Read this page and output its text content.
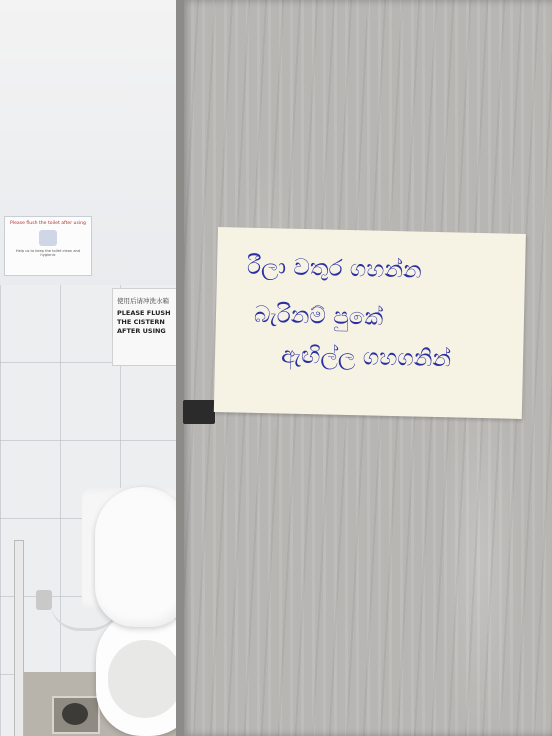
Please flush the toilet after using
Help us to keep the toilet clean and hygienic
使用后请冲洗水箱
PLEASE FLUSH
THE CISTERN
AFTER USING
රීලා වතුර ගහන්න
බැරිනම් පුකේ
ඇඟිල්ල ගහගනින්
